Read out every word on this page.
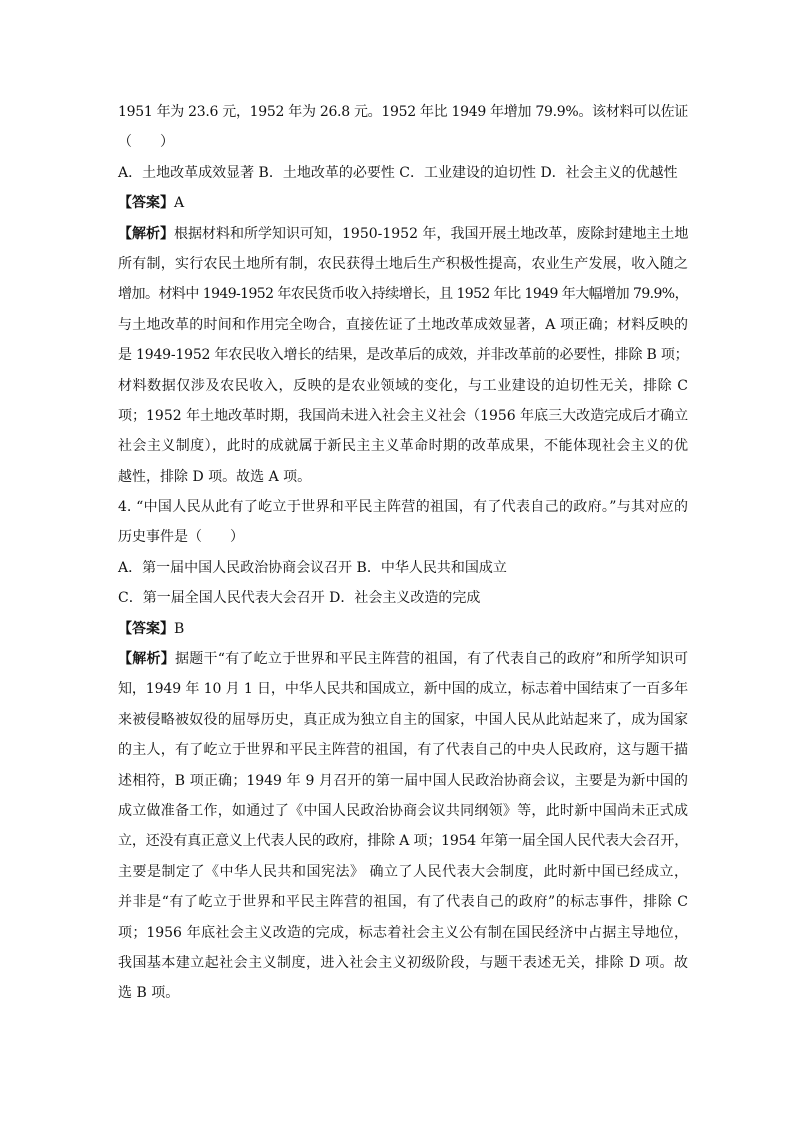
1951 年为 23.6 元，1952 年为 26.8 元。1952 年比 1949 年增加 79.9%。该材料可以佐证
（　　）
A．土地改革成效显著 B．土地改革的必要性 C．工业建设的迫切性 D．社会主义的优越性
【答案】A
【解析】根据材料和所学知识可知，1950-1952 年，我国开展土地改革，废除封建地主土地
所有制，实行农民土地所有制，农民获得土地后生产积极性提高，农业生产发展，收入随之
增加。材料中 1949-1952 年农民货币收入持续增长，且 1952 年比 1949 年大幅增加 79.9%，
与土地改革的时间和作用完全吻合，直接佐证了土地改革成效显著，A 项正确；材料反映的
是 1949-1952 年农民收入增长的结果，是改革后的成效，并非改革前的必要性，排除 B 项；
材料数据仅涉及农民收入，反映的是农业领域的变化，与工业建设的迫切性无关，排除 C
项；1952 年土地改革时期，我国尚未进入社会主义社会（1956 年底三大改造完成后才确立
社会主义制度），此时的成就属于新民主主义革命时期的改革成果，不能体现社会主义的优
越性，排除 D 项。故选 A 项。
4. “中国人民从此有了屹立于世界和平民主阵营的祖国，有了代表自己的政府。”与其对应的
历史事件是（　　）
A．第一届中国人民政治协商会议召开 B．中华人民共和国成立
C．第一届全国人民代表大会召开 D．社会主义改造的完成
【答案】B
【解析】据题干“有了屹立于世界和平民主阵营的祖国，有了代表自己的政府”和所学知识可
知，1949 年 10 月 1 日，中华人民共和国成立，新中国的成立，标志着中国结束了一百多年
来被侵略被奴役的屈辱历史，真正成为独立自主的国家，中国人民从此站起来了，成为国家
的主人，有了屹立于世界和平民主阵营的祖国，有了代表自己的中央人民政府，这与题干描
述相符，B 项正确；1949 年 9 月召开的第一届中国人民政治协商会议，主要是为新中国的
成立做准备工作，如通过了《中国人民政治协商会议共同纲领》等，此时新中国尚未正式成
立，还没有真正意义上代表人民的政府，排除 A 项；1954 年第一届全国人民代表大会召开，
主要是制定了《中华人民共和国宪法》 确立了人民代表大会制度，此时新中国已经成立，
并非是“有了屹立于世界和平民主阵营的祖国，有了代表自己的政府”的标志事件，排除 C
项；1956 年底社会主义改造的完成，标志着社会主义公有制在国民经济中占据主导地位，
我国基本建立起社会主义制度，进入社会主义初级阶段，与题干表述无关，排除 D 项。故
选 B 项。
